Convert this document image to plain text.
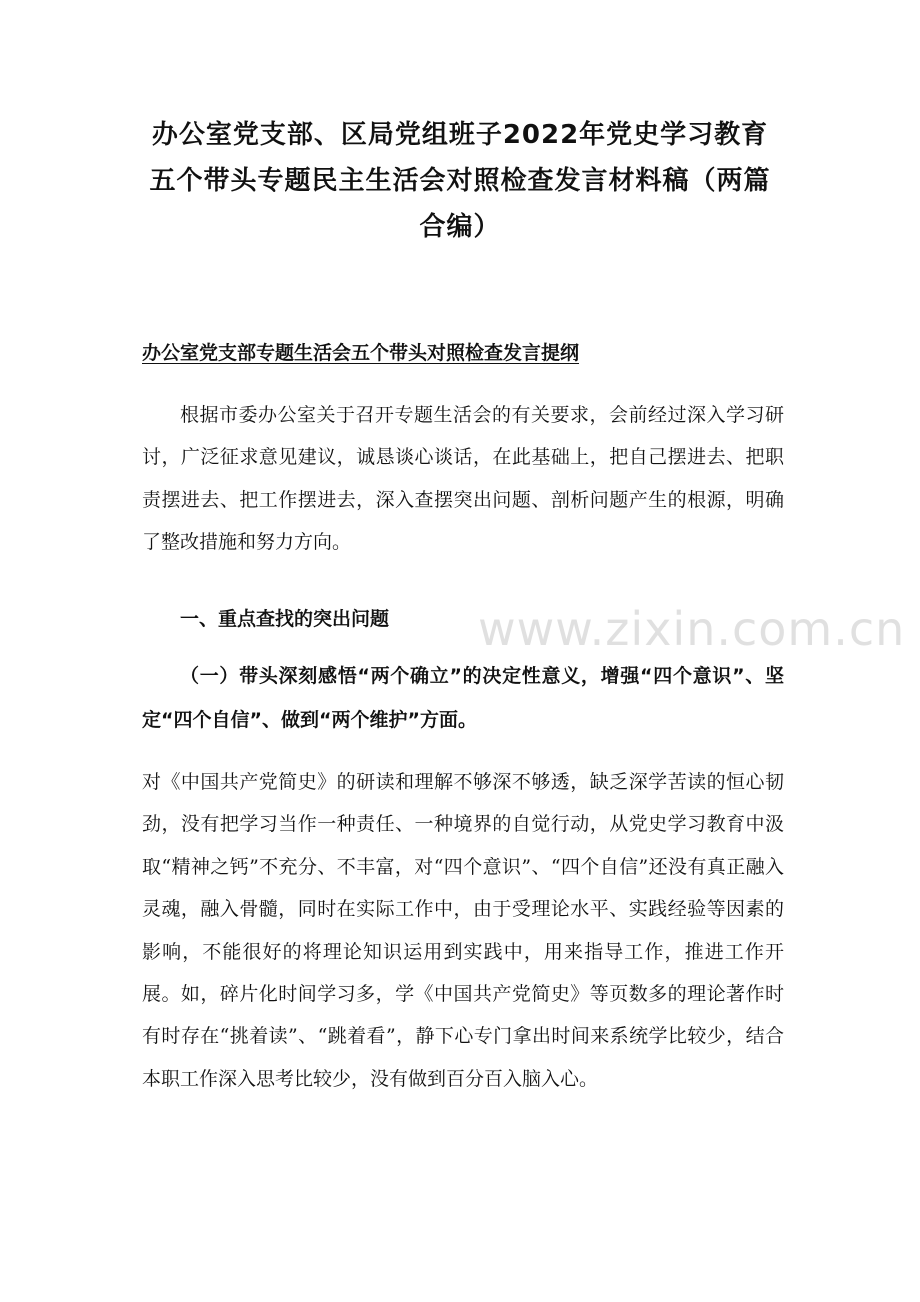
办公室党支部、区局党组班子2022年党史学习教育
五个带头专题民主生活会对照检查发言材料稿（两篇
合编）
办公室党支部专题生活会五个带头对照检查发言提纲

根据市委办公室关于召开专题生活会的有关要求，会前经过深入学习研讨，广泛征求意见建议，诚恳谈心谈话，在此基础上，把自己摆进去、把职责摆进去、把工作摆进去，深入查摆突出问题、剖析问题产生的根源，明确了整改措施和努力方向。

一、重点查找的突出问题

（一）带头深刻感悟“两个确立”的决定性意义，增强“四个意识”、坚定“四个自信”、做到“两个维护”方面。

对《中国共产党简史》的研读和理解不够深不够透，缺乏深学苦读的恒心韧劲，没有把学习当作一种责任、一种境界的自觉行动，从党史学习教育中汲取“精神之钙”不充分、不丰富，对“四个意识”、“四个自信”还没有真正融入灵魂，融入骨髓，同时在实际工作中，由于受理论水平、实践经验等因素的影响，不能很好的将理论知识运用到实践中，用来指导工作，推进工作开展。如，碎片化时间学习多，学《中国共产党简史》等页数多的理论著作时有时存在“挑着读”、“跳着看”，静下心专门拿出时间来系统学比较少，结合本职工作深入思考比较少，没有做到百分百入脑入心。

www.zixin.com.cn
